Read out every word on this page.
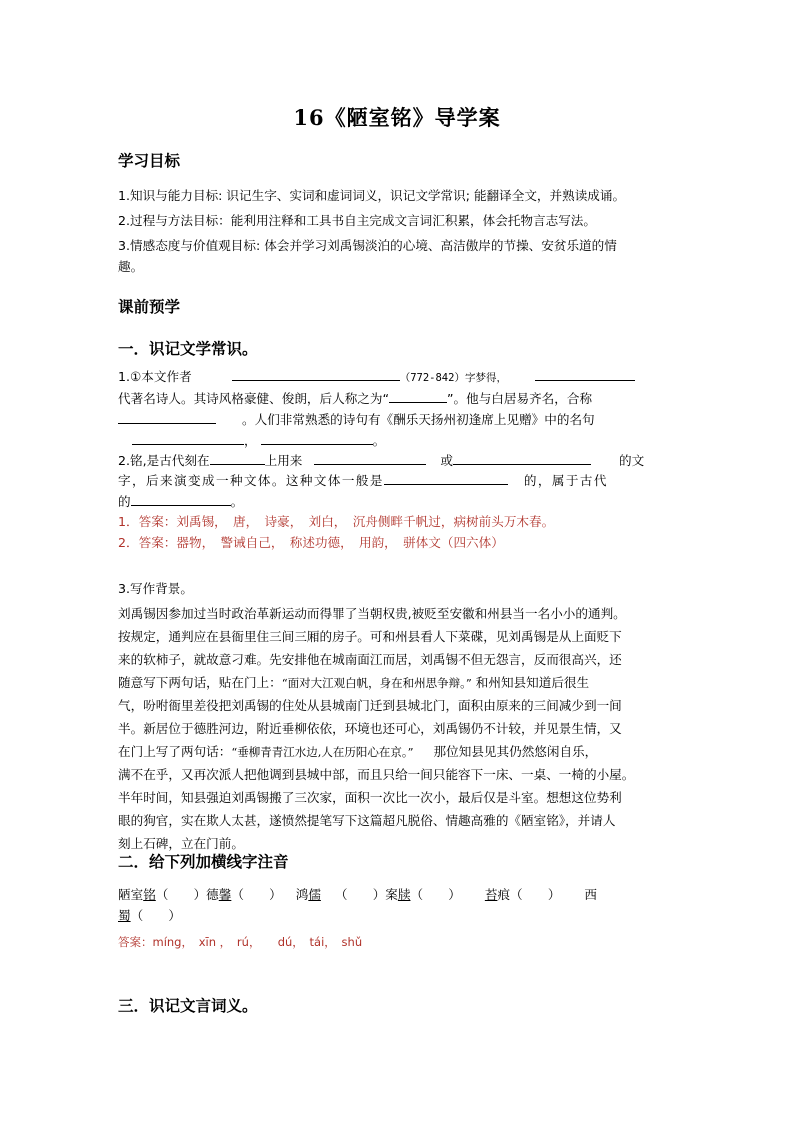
16《陋室铭》导学案
学习目标
1.知识与能力目标: 识记生字、实词和虚词词义，识记文学常识; 能翻译全文，并熟读成诵。
2.过程与方法目标：能利用注释和工具书自主完成文言词汇积累，体会托物言志写法。
3.情感态度与价值观目标: 体会并学习刘禹锡淡泊的心境、高洁傲岸的节操、安贫乐道的情
趣。
课前预学
一．识记文学常识。
1.①本文作者	（772-842）字梦得，
代著名诗人。其诗风格豪健、俊朗，后人称之为“	”。他与白居易齐名，合称
。人们非常熟悉的诗句有《酬乐天扬州初逢席上见赠》中的名句
，	。
2.铭,是古代刻在	上用来	或	的文
字，后来演变成一种文体。这种文体一般是	的，属于古代
的	。
1．答案：刘禹锡，　唐，　诗豪，　刘白，　沉舟侧畔千帆过，病树前头万木春。
2．答案：器物，　警诫自己，　称述功德，　用韵，　骈体文（四六体）
3.写作背景。
刘禹锡因参加过当时政治革新运动而得罪了当朝权贵,被贬至安徽和州县当一名小小的通判。
按规定，通判应在县衙里住三间三厢的房子。可和州县看人下菜碟，见刘禹锡是从上面贬下
来的软柿子，就故意刁难。先安排他在城南面江而居，刘禹锡不但无怨言，反而很高兴，还
随意写下两句话，贴在门上：“面对大江观白帆，身在和州思争辩。” 和州知县知道后很生
气，吩咐衙里差役把刘禹锡的住处从县城南门迁到县城北门，面积由原来的三间减少到一间
半。新居位于德胜河边，附近垂柳依依，环境也还可心，刘禹锡仍不计较，并见景生情，又
在门上写了两句话：“垂柳青青江水边,人在历阳心在京。” 那位知县见其仍然悠闲自乐，
满不在乎，又再次派人把他调到县城中部，而且只给一间只能容下一床、一桌、一椅的小屋。
半年时间，知县强迫刘禹锡搬了三次家，面积一次比一次小，最后仅是斗室。想想这位势利
眼的狗官，实在欺人太甚，遂愤然提笔写下这篇超凡脱俗、情趣高雅的《陋室铭》，并请人
刻上石碑，立在门前。
二．给下列加横线字注音
陋室铭（　　）德馨（　　） 鸿儒 （　　）案牍（　　） 苔痕（　　） 西
蜀（　　）
答案：míng，　xīn ，　rú，　　dú，　tái，　shǔ
三．识记文言词义。
